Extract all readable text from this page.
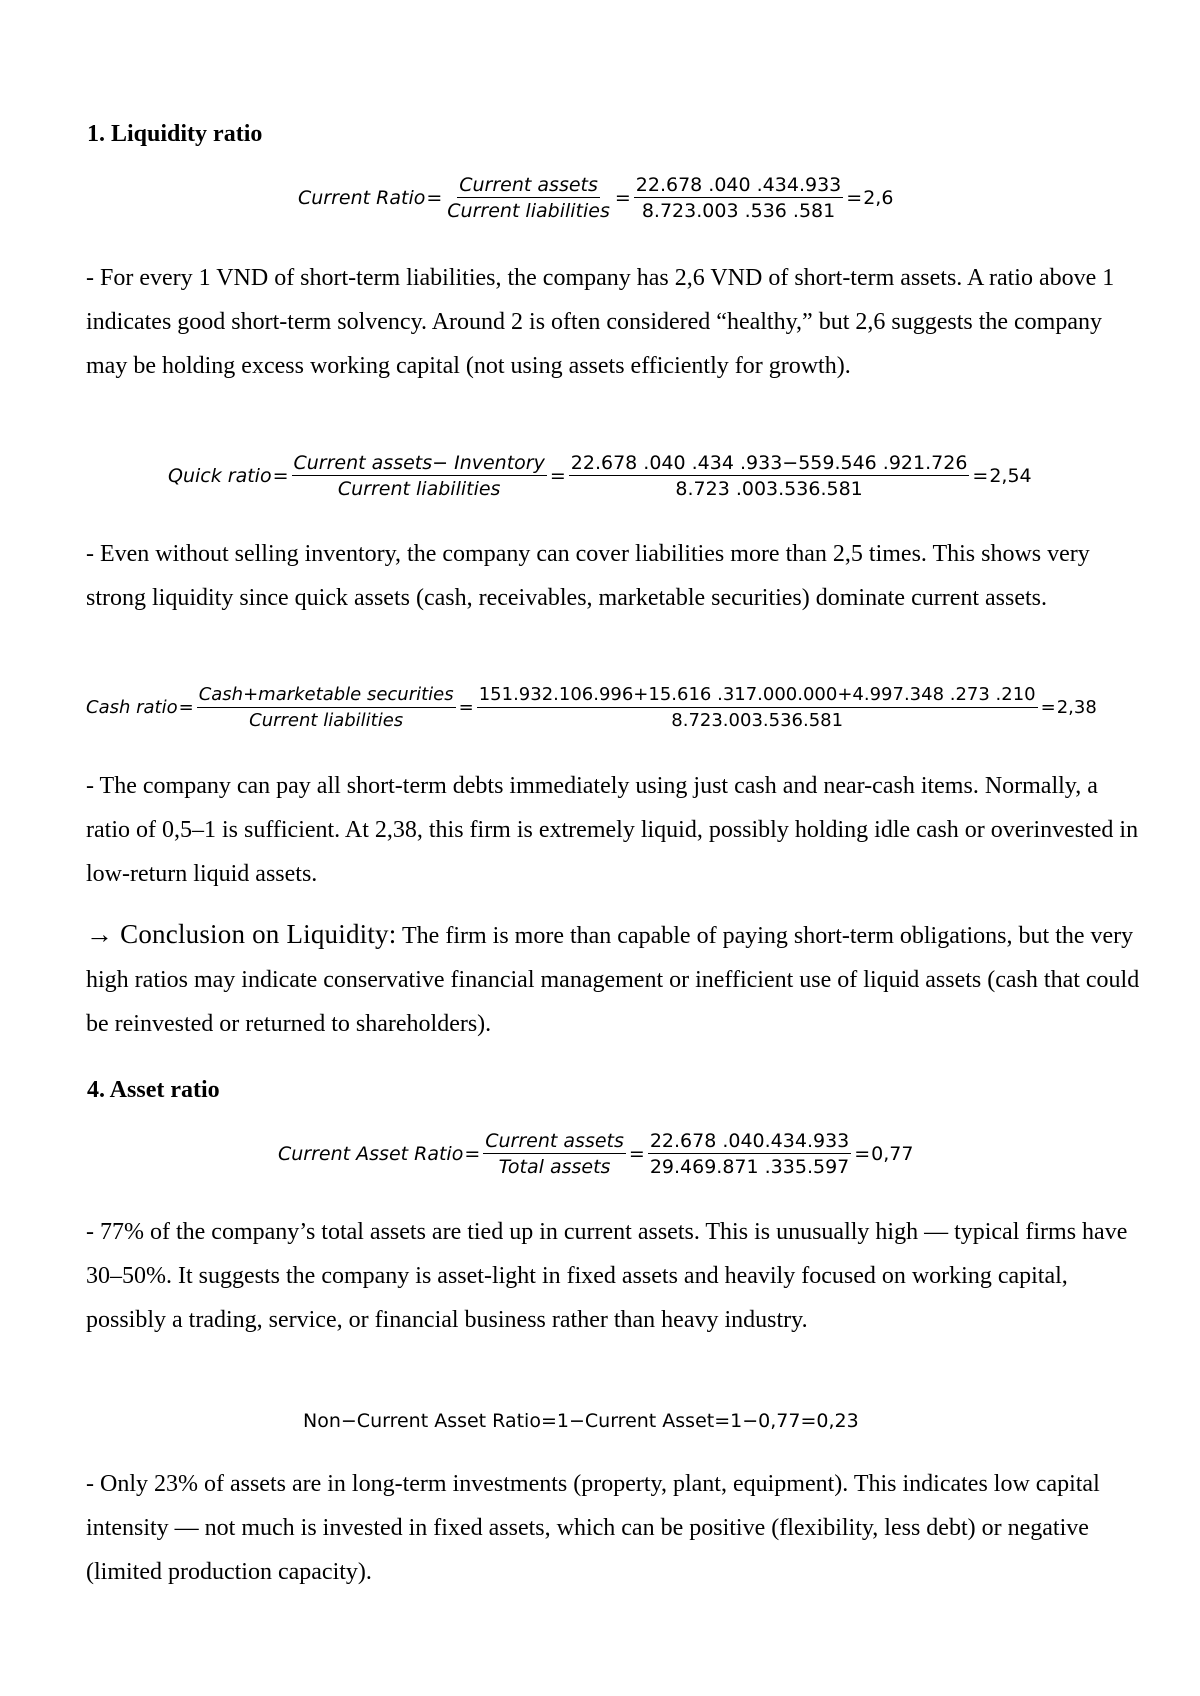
1. Liquidity ratio
Current Ratio = $\frac{\text{Current assets}}{\text{Current liabilities}} = \frac{22.678 .040 .434.933}{8.723.003 .536 .581} = 2,6$

- For every 1 VND of short-term liabilities, the company has 2,6 VND of short-term assets. A ratio above 1 indicates good short-term solvency. Around 2 is often considered “healthy,” but 2,6 suggests the company may be holding excess working capital (not using assets efficiently for growth).

Quick ratio = $\frac{\text{Current assets− Inventory}}{\text{Current liabilities}} = \frac{22.678 .040 .434 .933-559.546 .921.726}{8.723 .003.536.581} = 2,54$

- Even without selling inventory, the company can cover liabilities more than 2,5 times. This shows very strong liquidity since quick assets (cash, receivables, marketable securities) dominate current assets.

Cash ratio = $\frac{\text{Cash+marketable securities}}{\text{Current liabilities}} = \frac{151.932.106.996+15.616 .317.000.000+4.997.348 .273 .210}{8.723.003.536.581} = 2,38$

- The company can pay all short-term debts immediately using just cash and near-cash items. Normally, a ratio of 0,5–1 is sufficient. At 2,38, this firm is extremely liquid, possibly holding idle cash or overinvested in low-return liquid assets.

→ Conclusion on Liquidity: The firm is more than capable of paying short-term obligations, but the very high ratios may indicate conservative financial management or inefficient use of liquid assets (cash that could be reinvested or returned to shareholders).

4. Asset ratio
Current Asset Ratio = $\frac{\text{Current assets}}{\text{Total assets}} = \frac{22.678 .040.434.933}{29.469.871 .335.597} = 0,77$

- 77% of the company’s total assets are tied up in current assets. This is unusually high — typical firms have 30–50%. It suggests the company is asset-light in fixed assets and heavily focused on working capital, possibly a trading, service, or financial business rather than heavy industry.

Non−Current Asset Ratio=1−Current Asset=1−0,77=0,23

- Only 23% of assets are in long-term investments (property, plant, equipment). This indicates low capital intensity — not much is invested in fixed assets, which can be positive (flexibility, less debt) or negative (limited production capacity).
